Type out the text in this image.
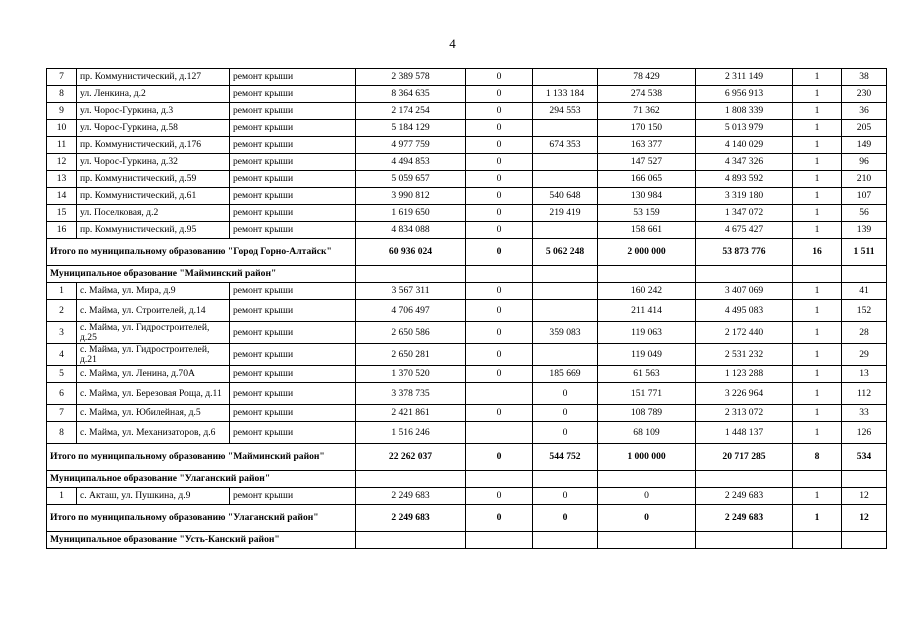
4
7	пр. Коммунистический, д.127	ремонт крыши	2 389 578	0		78 429	2 311 149	1	38
8	ул. Ленкина, д.2	ремонт крыши	8 364 635	0	1 133 184	274 538	6 956 913	1	230
9	ул. Чорос-Гуркина, д.3	ремонт крыши	2 174 254	0	294 553	71 362	1 808 339	1	36
10	ул. Чорос-Гуркина, д.58	ремонт крыши	5 184 129	0		170 150	5 013 979	1	205
11	пр. Коммунистический, д.176	ремонт крыши	4 977 759	0	674 353	163 377	4 140 029	1	149
12	ул. Чорос-Гуркина, д.32	ремонт крыши	4 494 853	0		147 527	4 347 326	1	96
13	пр. Коммунистический, д.59	ремонт крыши	5 059 657	0		166 065	4 893 592	1	210
14	пр. Коммунистический, д.61	ремонт крыши	3 990 812	0	540 648	130 984	3 319 180	1	107
15	ул. Поселковая, д.2	ремонт крыши	1 619 650	0	219 419	53 159	1 347 072	1	56
16	пр. Коммунистический, д.95	ремонт крыши	4 834 088	0		158 661	4 675 427	1	139
Итого по муниципальному образованию "Город Горно-Алтайск"			60 936 024	0	5 062 248	2 000 000	53 873 776	16	1 511
Муниципальное образование "Майминский район"									
1	с. Майма, ул. Мира, д.9	ремонт крыши	3 567 311	0		160 242	3 407 069	1	41
2	с. Майма, ул. Строителей, д.14	ремонт крыши	4 706 497	0		211 414	4 495 083	1	152
3	с. Майма, ул. Гидростроителей, д.25	ремонт крыши	2 650 586	0	359 083	119 063	2 172 440	1	28
4	с. Майма, ул. Гидростроителей, д.21	ремонт крыши	2 650 281	0		119 049	2 531 232	1	29
5	с. Майма, ул. Ленина, д.70А	ремонт крыши	1 370 520	0	185 669	61 563	1 123 288	1	13
6	с. Майма, ул. Березовая Роща, д.11	ремонт крыши	3 378 735		0	151 771	3 226 964	1	112
7	с. Майма, ул. Юбилейная, д.5	ремонт крыши	2 421 861	0	0	108 789	2 313 072	1	33
8	с. Майма, ул. Механизаторов, д.6	ремонт крыши	1 516 246		0	68 109	1 448 137	1	126
Итого по муниципальному образованию "Майминский район"			22 262 037	0	544 752	1 000 000	20 717 285	8	534
Муниципальное образование "Улаганский район"									
1	с. Акташ, ул. Пушкина, д.9	ремонт крыши	2 249 683	0	0	0	2 249 683	1	12
Итого по муниципальному образованию "Улаганский район"			2 249 683	0	0	0	2 249 683	1	12
Муниципальное образование "Усть-Канский район"									
